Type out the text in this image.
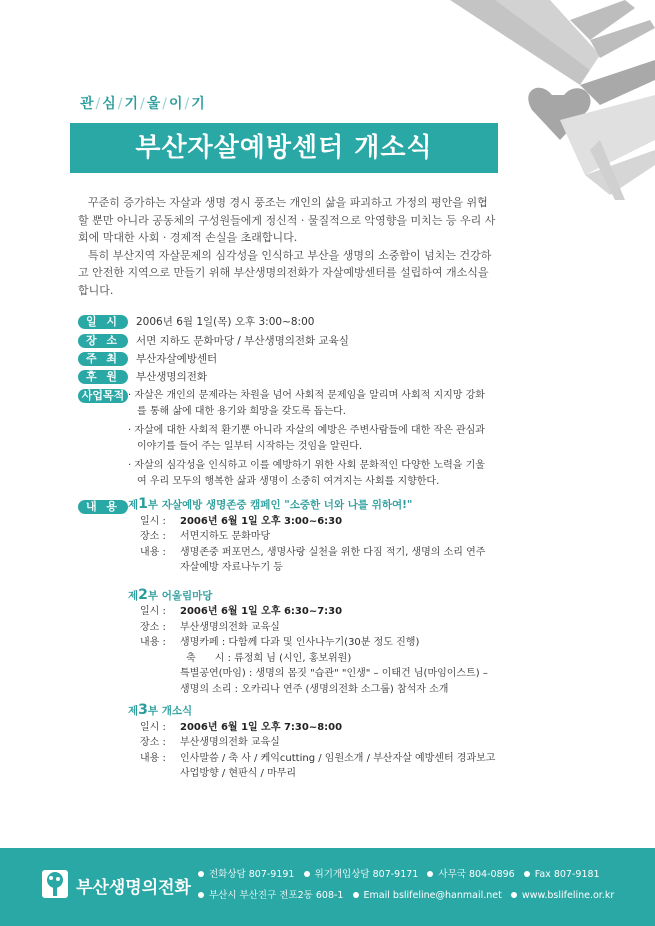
관/심/기/울/이/기
부산자살예방센터 개소식

꾸준히 증가하는 자살과 생명 경시 풍조는 개인의 삶을 파괴하고 가정의 평안을 위협할 뿐만 아니라 공동체의 구성원들에게 정신적 · 물질적으로 악영향을 미치는 등 우리 사회에 막대한 사회 · 경제적 손실을 초래합니다.

특히 부산지역 자살문제의 심각성을 인식하고 부산을 생명의 소중함이 넘치는 건강하고 안전한 지역으로 만들기 위해 부산생명의전화가 자살예방센터를 설립하여 개소식을 합니다.

일 시	2006년 6월 1일(목) 오후 3:00~8:00
장 소	서면 지하도 문화마당 / 부산생명의전화 교육실
주 최	부산자살예방센터
후 원	부산생명의전화
사업목적 · 자살은 개인의 문제라는 차원을 넘어 사회적 문제임을 알리며 사회적 지지망 강화를 통해 삶에 대한 용기와 희망을 갖도록 돕는다.
· 자살에 대한 사회적 환기뿐 아니라 자살의 예방은 주변사람들에 대한 작은 관심과 이야기를 들어 주는 일부터 시작하는 것임을 알린다.
· 자살의 심각성을 인식하고 이를 예방하기 위한 사회 문화적인 다양한 노력을 기울여 우리 모두의 행복한 삶과 생명이 소중히 여겨지는 사회를 지향한다.
내 용 제1부 자살예방 생명존중 캠페인 "소중한 너와 나를 위하여!"
일시 :	2006년 6월 1일 오후 3:00~6:30
장소 :	서면지하도 문화마당
내용 :	생명존중 퍼포먼스, 생명사랑 실천을 위한 다짐 적기, 생명의 소리 연주
자살예방 자료나누기 등
제2부 어울림마당
일시 :	2006년 6월 1일 오후 6:30~7:30
장소 :	부산생명의전화 교육실
내용 :	생명카페 : 다함께 다과 및 인사나누기(30분 정도 진행)
축      시 : 류정희 님 (시인, 홍보위원)
특별공연(마임) : 생명의 몸짓 "습관" "인생" – 이태건 님(마임이스트) –
생명의 소리 : 오카리나 연주 (생명의전화 소그룹) 참석자 소개
제3부 개소식
일시 :	2006년 6월 1일 오후 7:30~8:00
장소 :	부산생명의전화 교육실
내용 :	인사말씀 / 축 사 / 케익cutting / 임원소개 / 부산자살 예방센터 경과보고
사업방향 / 현판식 / 마무리
부산생명의전화
전화상담 807-9191 위기개입상담 807-9171 사무국 804-0896 Fax 807-9181
부산시 부산진구 전포2동 608-1 Email bslifeline@hanmail.net www.bslifeline.or.kr
